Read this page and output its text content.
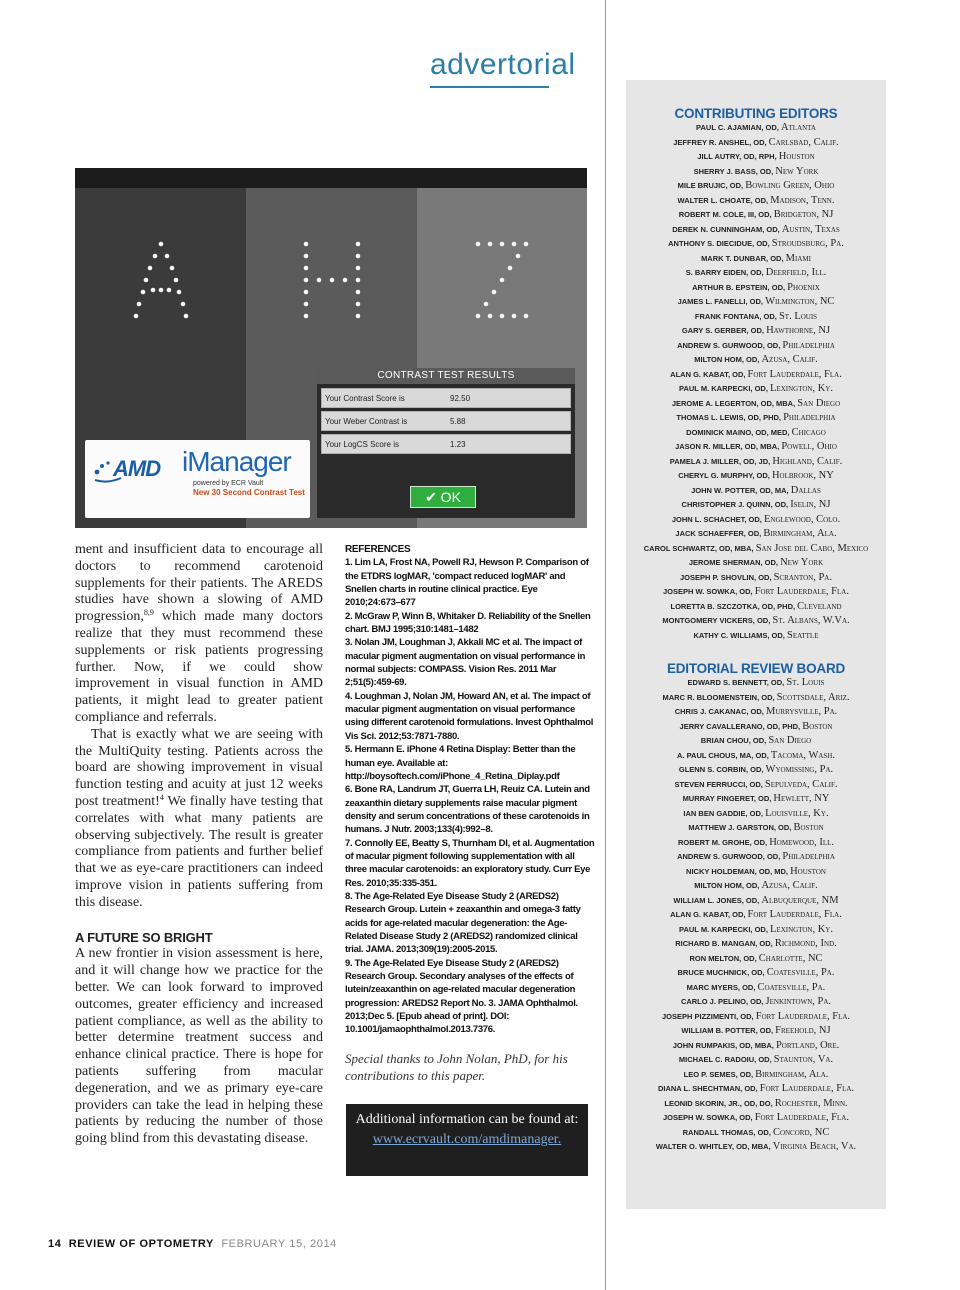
advertorial
AMD iManager
powered by ECR Vault
New 30 Second Contrast Test
CONTRAST TEST RESULTS
Your Contrast Score is	92.50
Your Weber Contrast is	5.88
Your LogCS Score is	1.23
✔ OK

ment and insufficient data to encourage all doctors to recommend carotenoid supplements for their patients. The AREDS studies have shown a slowing of AMD progression,$^{8,9}$ which made many doctors realize that they must recommend these supplements or risk patients progressing further. Now, if we could show improvement in visual function in AMD patients, it might lead to greater patient compliance and referrals.

That is exactly what we are seeing with the MultiQuity testing. Patients across the board are showing improvement in visual function testing and acuity at just 12 weeks post treatment!$^4$ We finally have testing that correlates with what many patients are observing subjectively. The result is greater compliance from patients and further belief that we as eye-care practitioners can indeed improve vision in patients suffering from this disease.

A FUTURE SO BRIGHT

A new frontier in vision assessment is here, and it will change how we practice for the better. We can look forward to improved outcomes, greater efficiency and increased patient compliance, as well as the ability to better determine treatment success and enhance clinical practice. There is hope for patients suffering from macular degeneration, and we as primary eye-care providers can take the lead in helping these patients by reducing the number of those going blind from this devastating disease.

REFERENCES
1. Lim LA, Frost NA, Powell RJ, Hewson P. Comparison of the ETDRS logMAR, 'compact reduced logMAR' and Snellen charts in routine clinical practice. Eye 2010;24:673–677
2. McGraw P, Winn B, Whitaker D. Reliability of the Snellen chart. BMJ 1995;310:1481–1482
3. Nolan JM, Loughman J, Akkali MC et al. The impact of macular pigment augmentation on visual performance in normal subjects: COMPASS. Vision Res. 2011 Mar 2;51(5):459-69.
4. Loughman J, Nolan JM, Howard AN, et al. The impact of macular pigment augmentation on visual performance using different carotenoid formulations. Invest Ophthalmol Vis Sci. 2012;53:7871-7880.
5. Hermann E. iPhone 4 Retina Display: Better than the human eye. Available at: http://boysoftech.com/iPhone_4_Retina_Diplay.pdf
6. Bone RA, Landrum JT, Guerra LH, Reuiz CA. Lutein and zeaxanthin dietary supplements raise macular pigment density and serum concentrations of these carotenoids in humans. J Nutr. 2003;133(4):992–8.
7. Connolly EE, Beatty S, Thurnham DI, et al. Augmentation of macular pigment following supplementation with all three macular carotenoids: an exploratory study. Curr Eye Res. 2010;35:335-351.
8. The Age-Related Eye Disease Study 2 (AREDS2) Research Group. Lutein + zeaxanthin and omega-3 fatty acids for age-related macular degeneration: the Age-Related Disease Study 2 (AREDS2) randomized clinical trial. JAMA. 2013;309(19):2005-2015.
9. The Age-Related Eye Disease Study 2 (AREDS2) Research Group. Secondary analyses of the effects of lutein/zeaxanthin on age-related macular degeneration progression: AREDS2 Report No. 3. JAMA Ophthalmol. 2013;Dec 5. [Epub ahead of print]. DOI: 10.1001/jamaophthalmol.2013.7376.
Special thanks to John Nolan, PhD, for his contributions to this paper.
Additional information can be found at:
www.ecrvault.com/amdimanager.
CONTRIBUTING EDITORS
PAUL C. AJAMIAN, OD, Atlanta
JEFFREY R. ANSHEL, OD, Carlsbad, Calif.
JILL AUTRY, OD, RPH, Houston
SHERRY J. BASS, OD, New York
MILE BRUJIC, OD, Bowling Green, Ohio
WALTER L. CHOATE, OD, Madison, Tenn.
ROBERT M. COLE, III, OD, Bridgeton, NJ
DEREK N. CUNNINGHAM, OD, Austin, Texas
ANTHONY S. DIECIDUE, OD, Stroudsburg, Pa.
MARK T. DUNBAR, OD, Miami
S. BARRY EIDEN, OD, Deerfield, Ill.
ARTHUR B. EPSTEIN, OD, Phoenix
JAMES L. FANELLI, OD, Wilmington, NC
FRANK FONTANA, OD, St. Louis
GARY S. GERBER, OD, Hawthorne, NJ
ANDREW S. GURWOOD, OD, Philadelphia
MILTON HOM, OD, Azusa, Calif.
ALAN G. KABAT, OD, Fort Lauderdale, Fla.
PAUL M. KARPECKI, OD, Lexington, Ky.
JEROME A. LEGERTON, OD, MBA, San Diego
THOMAS L. LEWIS, OD, PHD, Philadelphia
DOMINICK MAINO, OD, MED, Chicago
JASON R. MILLER, OD, MBA, Powell, Ohio
PAMELA J. MILLER, OD, JD, Highland, Calif.
CHERYL G. MURPHY, OD, Holbrook, NY
JOHN W. POTTER, OD, MA, Dallas
CHRISTOPHER J. QUINN, OD, Iselin, NJ
JOHN L. SCHACHET, OD, Englewood, Colo.
JACK SCHAEFFER, OD, Birmingham, Ala.
CAROL SCHWARTZ, OD, MBA, San Jose del Cabo, Mexico
JEROME SHERMAN, OD, New York
JOSEPH P. SHOVLIN, OD, Scranton, Pa.
JOSEPH W. SOWKA, OD, Fort Lauderdale, Fla.
LORETTA B. SZCZOTKA, OD, PHD, Cleveland
MONTGOMERY VICKERS, OD, St. Albans, W.Va.
KATHY C. WILLIAMS, OD, Seattle
EDITORIAL REVIEW BOARD
EDWARD S. BENNETT, OD, St. Louis
MARC R. BLOOMENSTEIN, OD, Scottsdale, Ariz.
CHRIS J. CAKANAC, OD, Murrysville, Pa.
JERRY CAVALLERANO, OD, PHD, Boston
BRIAN CHOU, OD, San Diego
A. PAUL CHOUS, MA, OD, Tacoma, Wash.
GLENN S. CORBIN, OD, Wyomissing, Pa.
STEVEN FERRUCCI, OD, Sepulveda, Calif.
MURRAY FINGERET, OD, Hewlett, NY
IAN BEN GADDIE, OD, Louisville, Ky.
MATTHEW J. GARSTON, OD, Boston
ROBERT M. GROHE, OD, Homewood, Ill.
ANDREW S. GURWOOD, OD, Philadelphia
NICKY HOLDEMAN, OD, MD, Houston
MILTON HOM, OD, Azusa, Calif.
WILLIAM L. JONES, OD, Albuquerque, NM
ALAN G. KABAT, OD, Fort Lauderdale, Fla.
PAUL M. KARPECKI, OD, Lexington, Ky.
RICHARD B. MANGAN, OD, Richmond, Ind.
RON MELTON, OD, Charlotte, NC
BRUCE MUCHNICK, OD, Coatesville, Pa.
MARC MYERS, OD, Coatesville, Pa.
CARLO J. PELINO, OD, Jenkintown, Pa.
JOSEPH PIZZIMENTI, OD, Fort Lauderdale, Fla.
WILLIAM B. POTTER, OD, Freehold, NJ
JOHN RUMPAKIS, OD, MBA, Portland, Ore.
MICHAEL C. RADOIU, OD, Staunton, Va.
LEO P. SEMES, OD, Birmingham, Ala.
DIANA L. SHECHTMAN, OD, Fort Lauderdale, Fla.
LEONID SKORIN, JR., OD, DO, Rochester, Minn.
JOSEPH W. SOWKA, OD, Fort Lauderdale, Fla.
RANDALL THOMAS, OD, Concord, NC
WALTER O. WHITLEY, OD, MBA, Virginia Beach, Va.
14 REVIEW OF OPTOMETRY FEBRUARY 15, 2014
